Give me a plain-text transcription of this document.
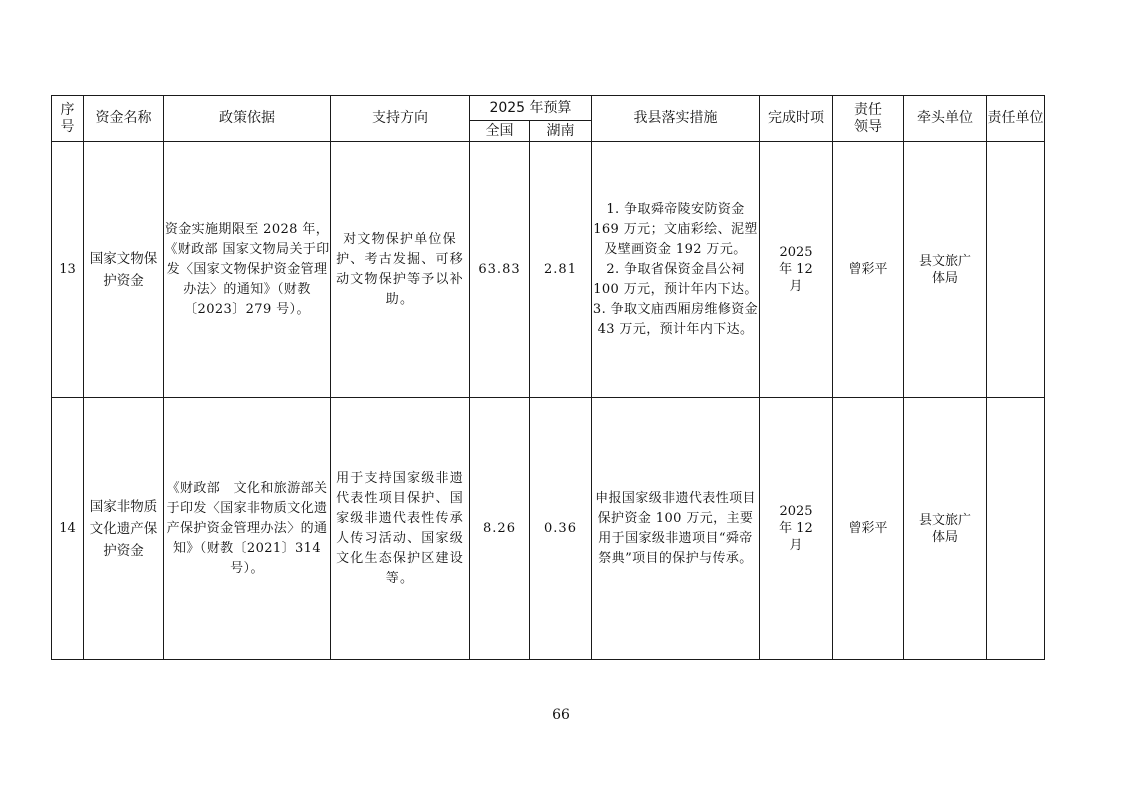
序号	资金名称	政策依据	支持方向	2025 年预算		我县落实措施	完成时项	责任领导	牵头单位	责任单位
				全国	湖南					
13	国家文物保护资金	资金实施期限至 2028 年，《财政部 国家文物局关于印发〈国家文物保护资金管理办法〉的通知》（财教〔2023〕279 号）。	对文物保护单位保护、考古发掘、可移动文物保护等予以补助。	63.83	2.81	1. 争取舜帝陵安防资金 169 万元；文庙彩绘、泥塑及壁画资金 192 万元。
2. 争取省保资金昌公祠 100 万元，预计年内下达。
3. 争取文庙西厢房维修资金 43 万元，预计年内下达。	2025 年 12 月	曾彩平	县文旅广体局	
14	国家非物质文化遗产保护资金	《财政部　文化和旅游部关于印发〈国家非物质文化遗产保护资金管理办法〉的通知》（财教〔2021〕314 号）。	用于支持国家级非遗代表性项目保护、国家级非遗代表性传承人传习活动、国家级文化生态保护区建设等。	8.26	0.36	申报国家级非遗代表性项目保护资金 100 万元，主要用于国家级非遗项目“舜帝祭典”项目的保护与传承。	2025 年 12 月	曾彩平	县文旅广体局	
66
